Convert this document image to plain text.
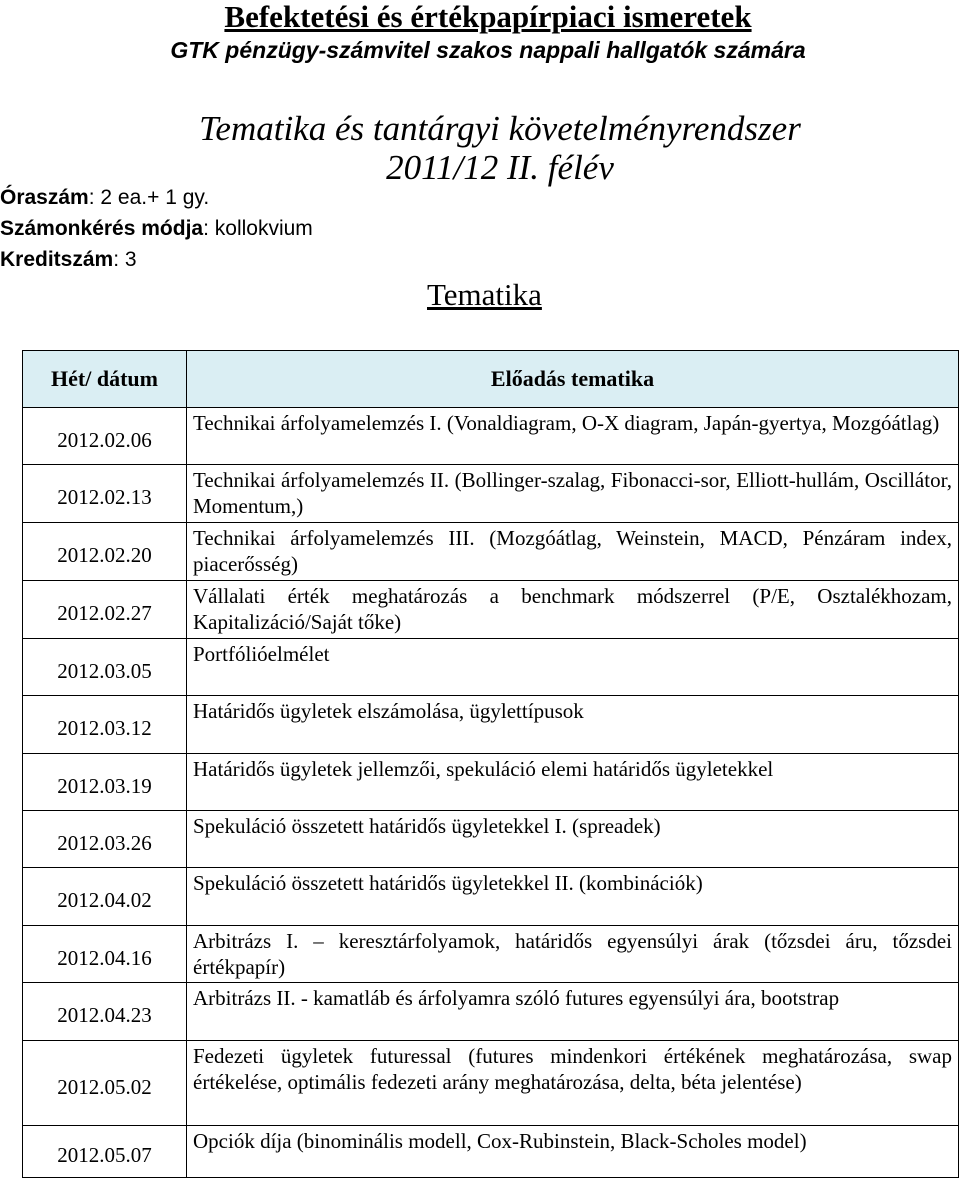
Befektetési és értékpapírpiaci ismeretek
GTK pénzügy-számvitel szakos nappali hallgatók számára
Tematika és tantárgyi követelményrendszer
2011/12 II. félév
Óraszám: 2 ea.+ 1 gy.
Számonkérés módja: kollokvium
Kreditszám: 3
Tematika
Hét/ dátum	Előadás tematika
2012.02.06	Technikai árfolyamelemzés I. (Vonaldiagram, O-X diagram, Japán-gyertya, Mozgóátlag)
2012.02.13	Technikai árfolyamelemzés II. (Bollinger-szalag, Fibonacci-sor, Elliott-hullám, Oscillátor, Momentum,)
2012.02.20	Technikai árfolyamelemzés III. (Mozgóátlag, Weinstein, MACD, Pénzáram index, piacerősség)
2012.02.27	Vállalati érték meghatározás a benchmark módszerrel (P/E, Osztalékhozam, Kapitalizáció/Saját tőke)
2012.03.05	Portfólióelmélet
2012.03.12	Határidős ügyletek elszámolása, ügylettípusok
2012.03.19	Határidős ügyletek jellemzői, spekuláció elemi határidős ügyletekkel
2012.03.26	Spekuláció összetett határidős ügyletekkel I. (spreadek)
2012.04.02	Spekuláció összetett határidős ügyletekkel II. (kombinációk)
2012.04.16	Arbitrázs I. – keresztárfolyamok, határidős egyensúlyi árak (tőzsdei áru, tőzsdei értékpapír)
2012.04.23	Arbitrázs II. - kamatláb és árfolyamra szóló futures egyensúlyi ára, bootstrap
2012.05.02	Fedezeti ügyletek futuressal (futures mindenkori értékének meghatározása, swap értékelése, optimális fedezeti arány meghatározása, delta, béta jelentése)
2012.05.07	Opciók díja (binominális modell, Cox-Rubinstein, Black-Scholes model)
